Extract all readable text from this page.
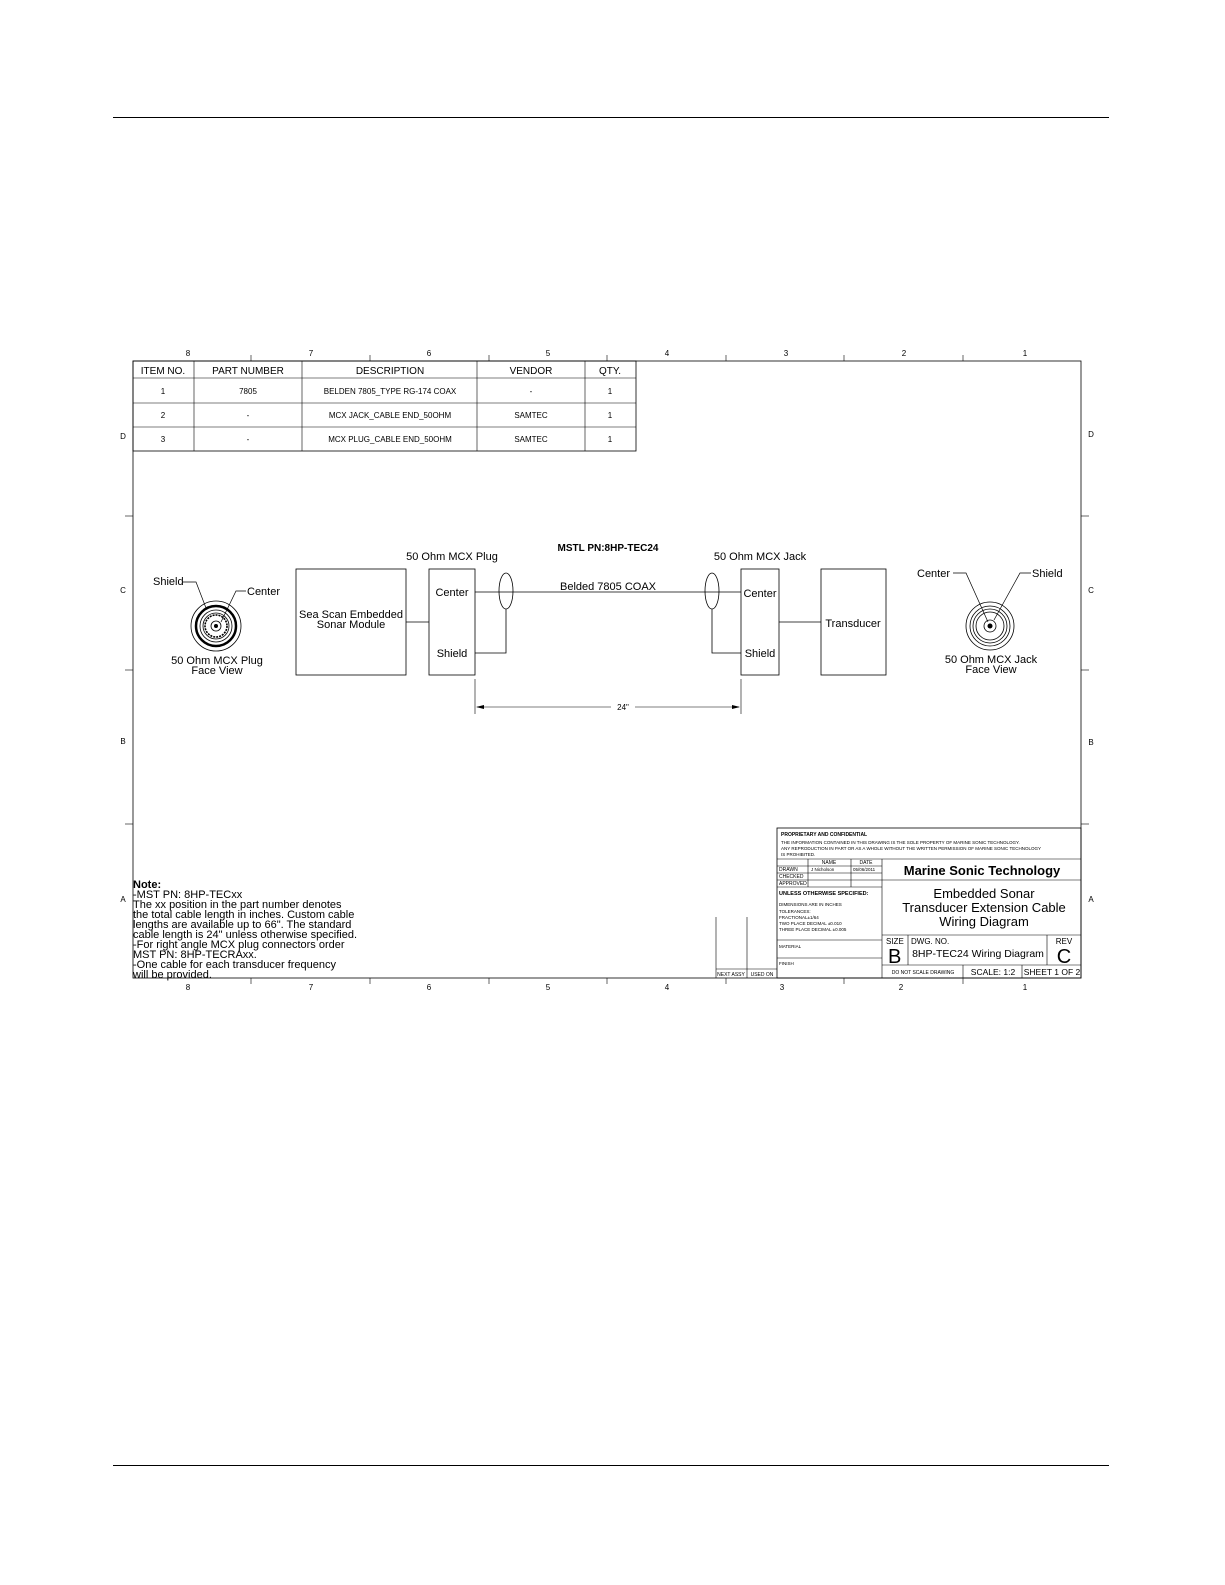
8	7	6	5	4	3	2	1
8	7	6	5	4	3	2	1
D
C
B
A
D
C
B
A
ITEM NO.	PART NUMBER	DESCRIPTION	VENDOR	QTY.
1	7805	BELDEN 7805_TYPE RG-174 COAX	-	1
2	-	MCX JACK_CABLE END_50OHM	SAMTEC	1
3	-	MCX PLUG_CABLE END_50OHM	SAMTEC	1
MSTL PN:8HP-TEC24
Shield
Center
50 Ohm MCX Plug
Face View
Sea Scan Embedded
Sonar Module
50 Ohm MCX Plug
Center
Shield
Belded 7805 COAX
50 Ohm MCX Jack
Center
Shield
Transducer
Center	Shield
50 Ohm MCX Jack
Face View
24"
Note:
-MST PN: 8HP-TECxx
The xx position in the part number denotes
the total cable length in inches. Custom cable
lengths are available up to 66". The standard
cable length is 24" unless otherwise specified.
-For right angle MCX plug connectors order
MST PN: 8HP-TECRAxx.
-One cable for each transducer frequency
will be provided.	NEXT ASSY USED ON
PROPRIETARY AND CONFIDENTIAL
THE INFORMATION CONTAINED IN THIS DRAWING IS THE SOLE PROPERTY OF MARINE SONIC TECHNOLOGY.
ANY REPRODUCTION IN PART OR AS A WHOLE WITHOUT THE WRITTEN PERMISSION OF MARINE SONIC TECHNOLOGY
IS PROHIBITED.
NAME	DATE
DRAWN	J Nicholson	05/06/2011
CHECKED
APPROVED
UNLESS OTHERWISE SPECIFIED:
DIMENSIONS ARE IN INCHES
TOLERANCES:
FRACTIONAL±1/64
TWO PLACE DECIMAL ±0.010
THREE PLACE DECIMAL ±0.005
MATERIAL
FINISH
Marine Sonic Technology
Embedded Sonar
Transducer Extension Cable
Wiring Diagram
SIZE
B
DWG. NO.
8HP-TEC24 Wiring Diagram
REV
C
DO NOT SCALE DRAWING SCALE: 1:2 SHEET 1 OF 2
